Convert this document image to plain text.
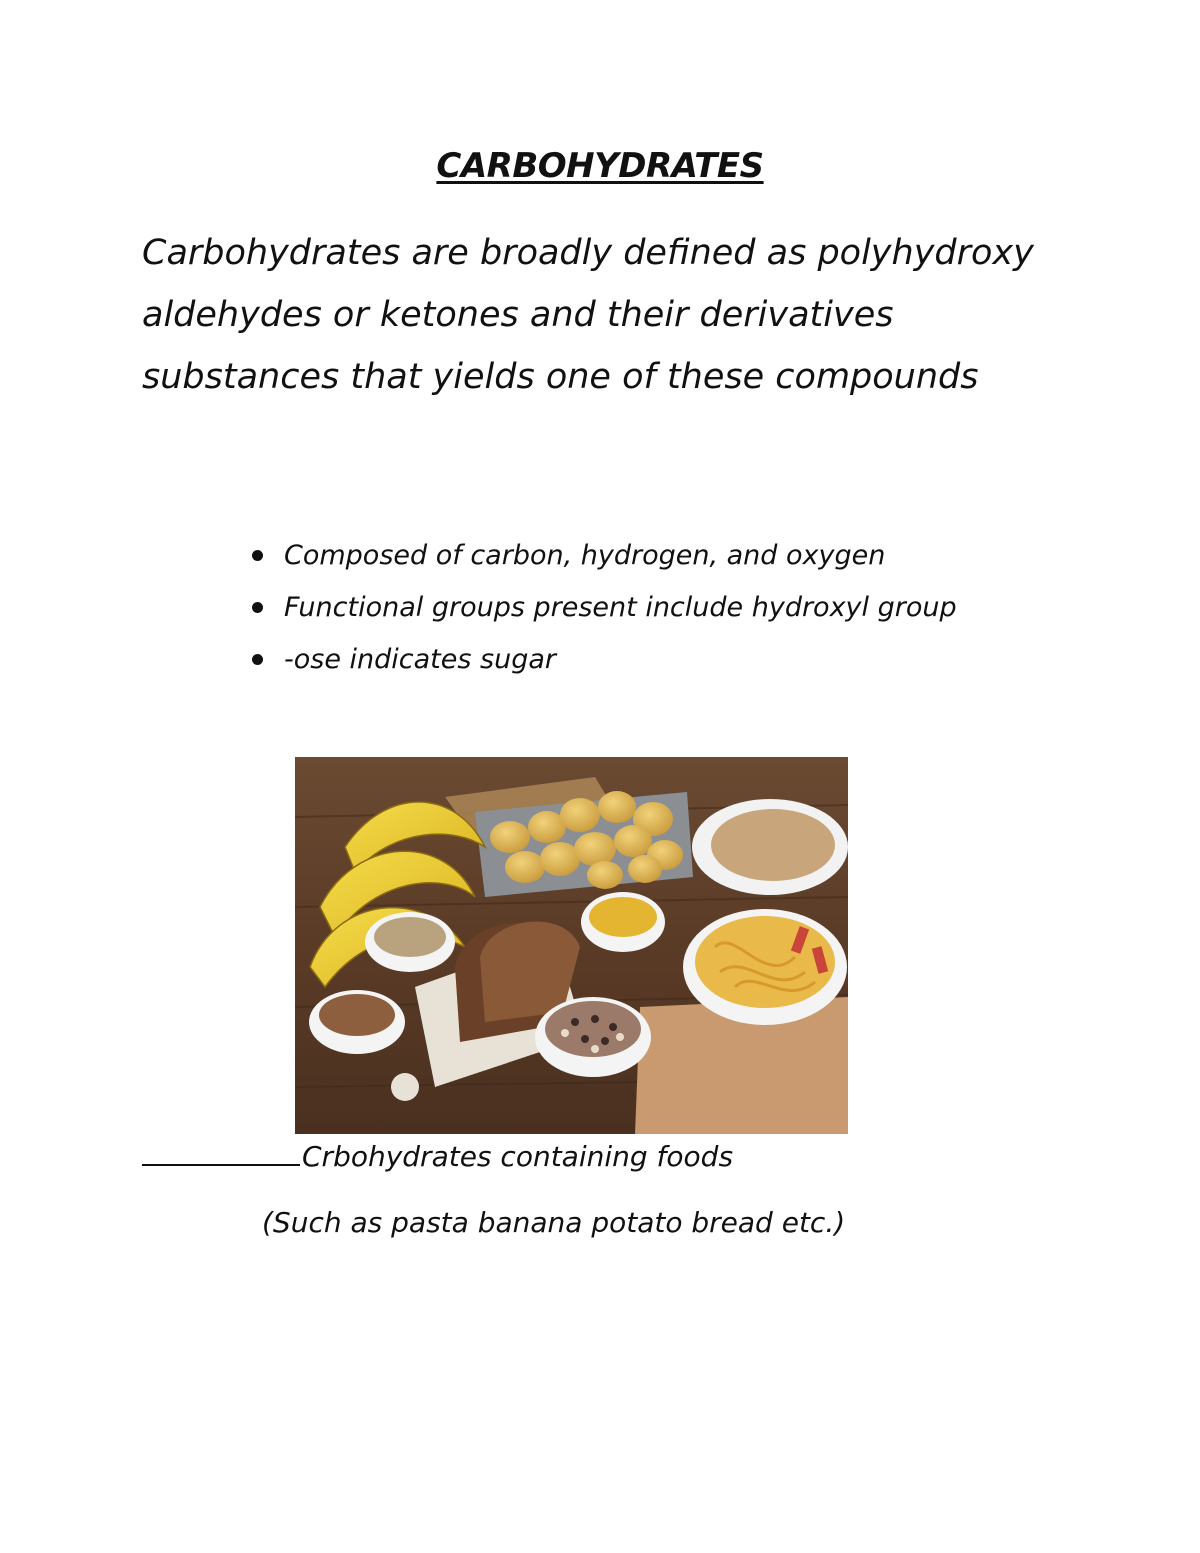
CARBOHYDRATES

Carbohydrates are broadly defined as polyhydroxy aldehydes or ketones and their derivatives substances that yields one of these compounds

Composed of carbon, hydrogen, and oxygen
Functional groups present include hydroxyl group
-ose indicates sugar
Crbohydrates containing foods
(Such as pasta banana potato bread etc.)
